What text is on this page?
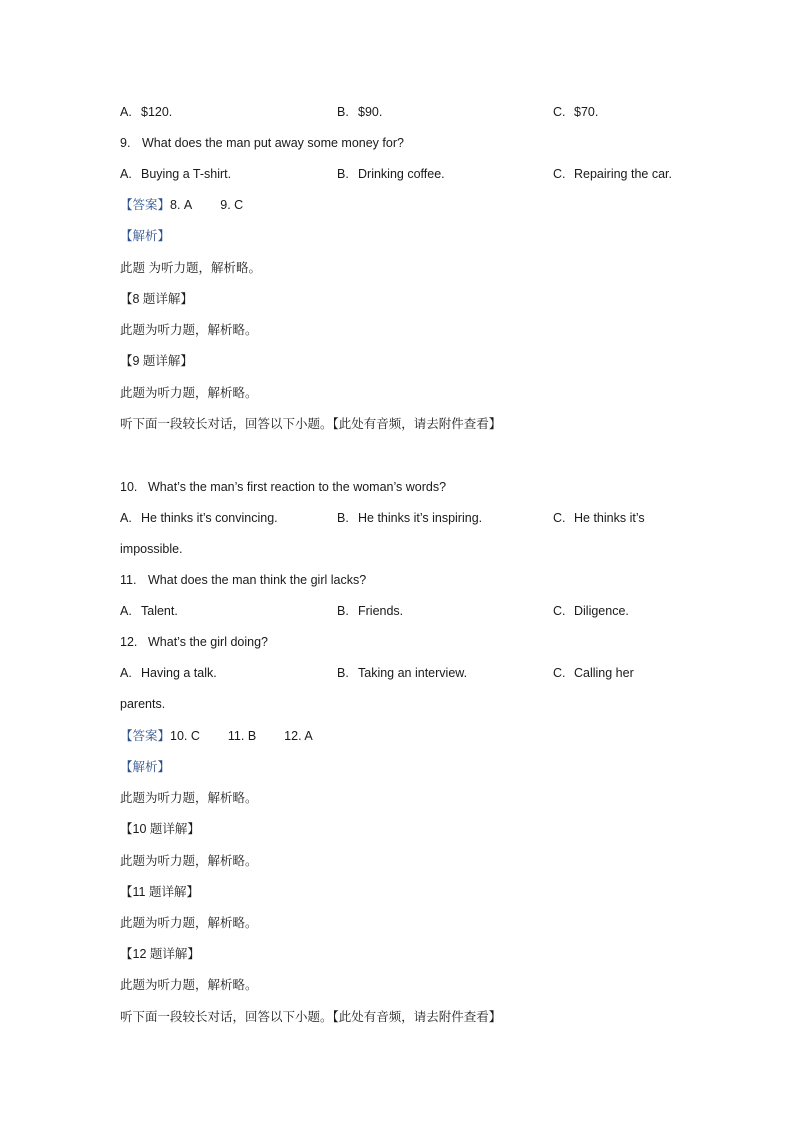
A. $120.	B. $90.	C. $70.
9. What does the man put away some money for?
A. Buying a T-shirt.	B. Drinking coffee.	C. Repairing the car.
【答案】8. A 9. C
【解析】
此题 为听力题，解析略。
【8 题详解】
此题为听力题，解析略。
【9 题详解】
此题为听力题，解析略。
听下面一段较长对话，回答以下小题。【此处有音频，请去附件查看】
10. What’s the man’s first reaction to the woman’s words?
A. He thinks it’s convincing.	B. He thinks it’s inspiring.	C. He thinks it’s
impossible.
11. What does the man think the girl lacks?
A. Talent.	B. Friends.	C. Diligence.
12. What’s the girl doing?
A. Having a talk.	B. Taking an interview.	C. Calling her
parents.
【答案】10. C 11. B 12. A
【解析】
此题为听力题，解析略。
【10 题详解】
此题为听力题，解析略。
【11 题详解】
此题为听力题，解析略。
【12 题详解】
此题为听力题，解析略。
听下面一段较长对话，回答以下小题。【此处有音频，请去附件查看】
